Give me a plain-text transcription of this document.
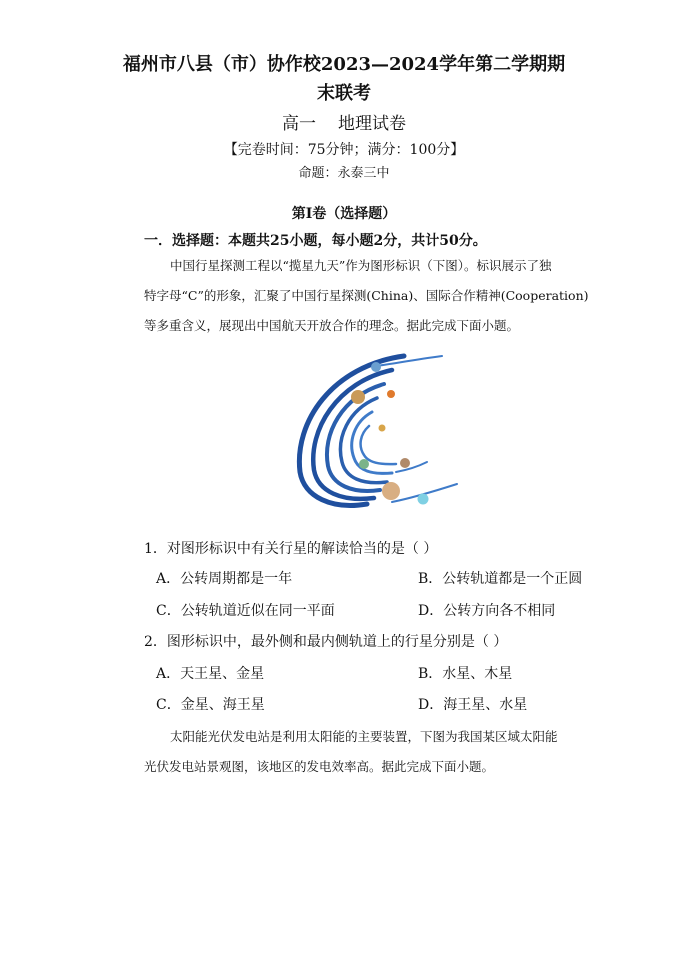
福州市八县（市）协作校2023—2024学年第二学期期
末联考
高一 地理试卷
【完卷时间：75分钟；满分：100分】
命题：永泰三中
第Ⅰ卷（选择题）
一．选择题：本题共25小题，每小题2分，共计50分。
中国行星探测工程以“揽星九天”作为图形标识（下图）。标识展示了独
特字母“C”的形象，汇聚了中国行星探测(China)、国际合作精神(Cooperation)
等多重含义，展现出中国航天开放合作的理念。据此完成下面小题。
1．对图形标识中有关行星的解读恰当的是（ ）
A．公转周期都是一年	B．公转轨道都是一个正圆
C．公转轨道近似在同一平面	D．公转方向各不相同
2．图形标识中，最外侧和最内侧轨道上的行星分别是（ ）
A．天王星、金星	B．水星、木星
C．金星、海王星	D．海王星、水星
太阳能光伏发电站是利用太阳能的主要装置，下图为我国某区域太阳能
光伏发电站景观图，该地区的发电效率高。据此完成下面小题。
